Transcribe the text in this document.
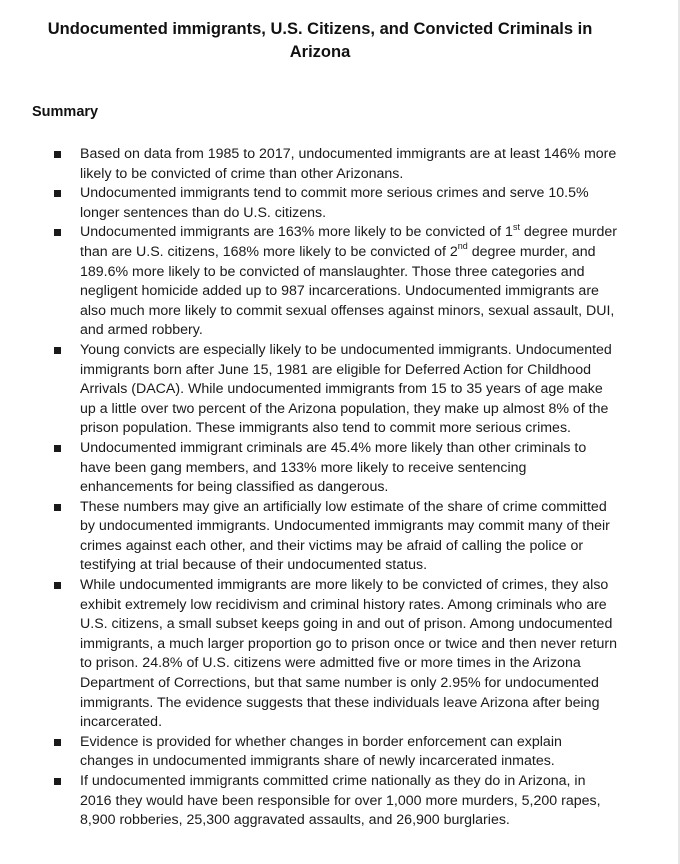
Undocumented immigrants, U.S. Citizens, and Convicted Criminals in Arizona
Summary
Based on data from 1985 to 2017, undocumented immigrants are at least 146% more likely to be convicted of crime than other Arizonans.
Undocumented immigrants tend to commit more serious crimes and serve 10.5% longer sentences than do U.S. citizens.
Undocumented immigrants are 163% more likely to be convicted of 1st degree murder than are U.S. citizens, 168% more likely to be convicted of 2nd degree murder, and 189.6% more likely to be convicted of manslaughter. Those three categories and negligent homicide added up to 987 incarcerations. Undocumented immigrants are also much more likely to commit sexual offenses against minors, sexual assault, DUI, and armed robbery.
Young convicts are especially likely to be undocumented immigrants. Undocumented immigrants born after June 15, 1981 are eligible for Deferred Action for Childhood Arrivals (DACA). While undocumented immigrants from 15 to 35 years of age make up a little over two percent of the Arizona population, they make up almost 8% of the prison population. These immigrants also tend to commit more serious crimes.
Undocumented immigrant criminals are 45.4% more likely than other criminals to have been gang members, and 133% more likely to receive sentencing enhancements for being classified as dangerous.
These numbers may give an artificially low estimate of the share of crime committed by undocumented immigrants. Undocumented immigrants may commit many of their crimes against each other, and their victims may be afraid of calling the police or testifying at trial because of their undocumented status.
While undocumented immigrants are more likely to be convicted of crimes, they also exhibit extremely low recidivism and criminal history rates. Among criminals who are U.S. citizens, a small subset keeps going in and out of prison. Among undocumented immigrants, a much larger proportion go to prison once or twice and then never return to prison. 24.8% of U.S. citizens were admitted five or more times in the Arizona Department of Corrections, but that same number is only 2.95% for undocumented immigrants. The evidence suggests that these individuals leave Arizona after being incarcerated.
Evidence is provided for whether changes in border enforcement can explain changes in undocumented immigrants share of newly incarcerated inmates.
If undocumented immigrants committed crime nationally as they do in Arizona, in 2016 they would have been responsible for over 1,000 more murders, 5,200 rapes, 8,900 robberies, 25,300 aggravated assaults, and 26,900 burglaries.
